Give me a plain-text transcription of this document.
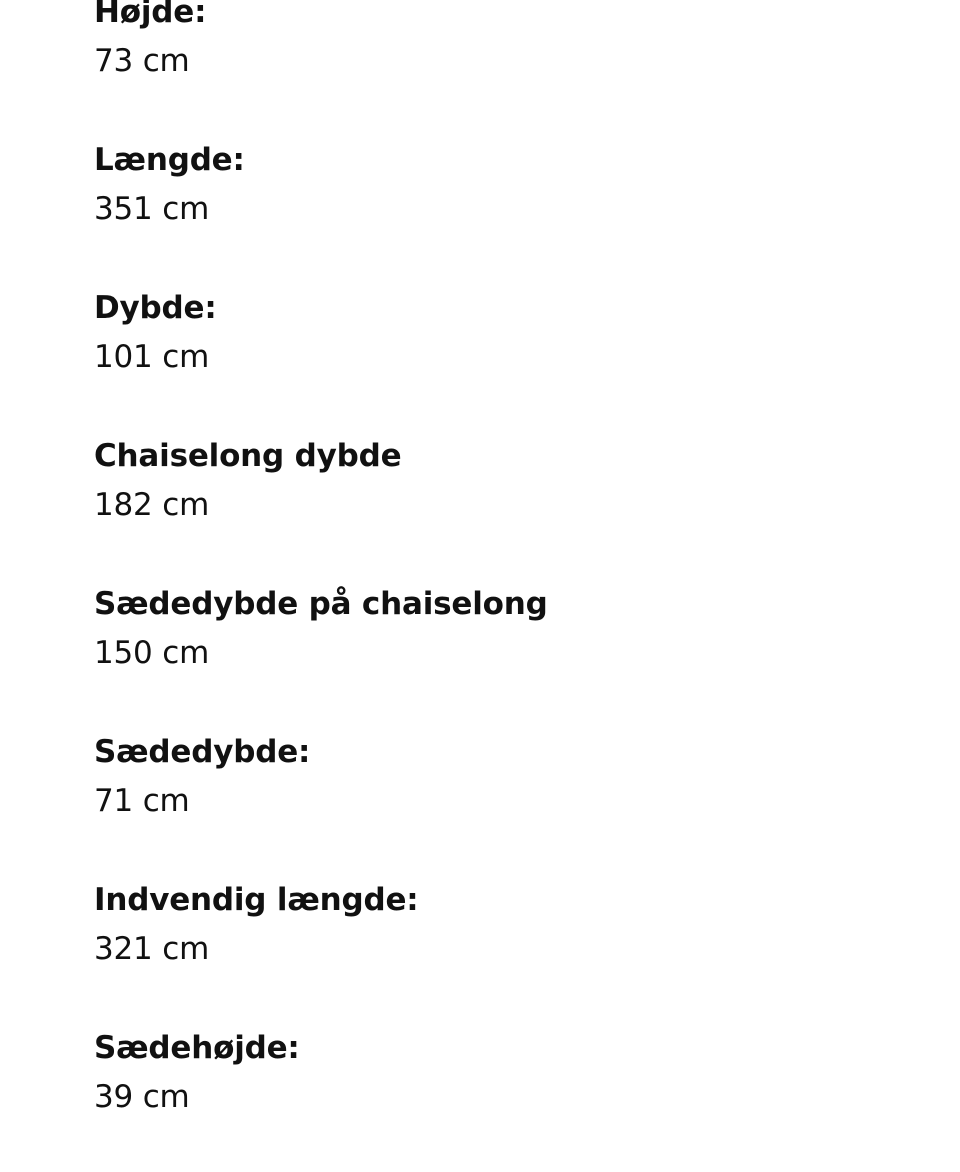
Højde:
73 cm
Længde:
351 cm
Dybde:
101 cm
Chaiselong dybde
182 cm
Sædedybde på chaiselong
150 cm
Sædedybde:
71 cm
Indvendig længde:
321 cm
Sædehøjde:
39 cm
